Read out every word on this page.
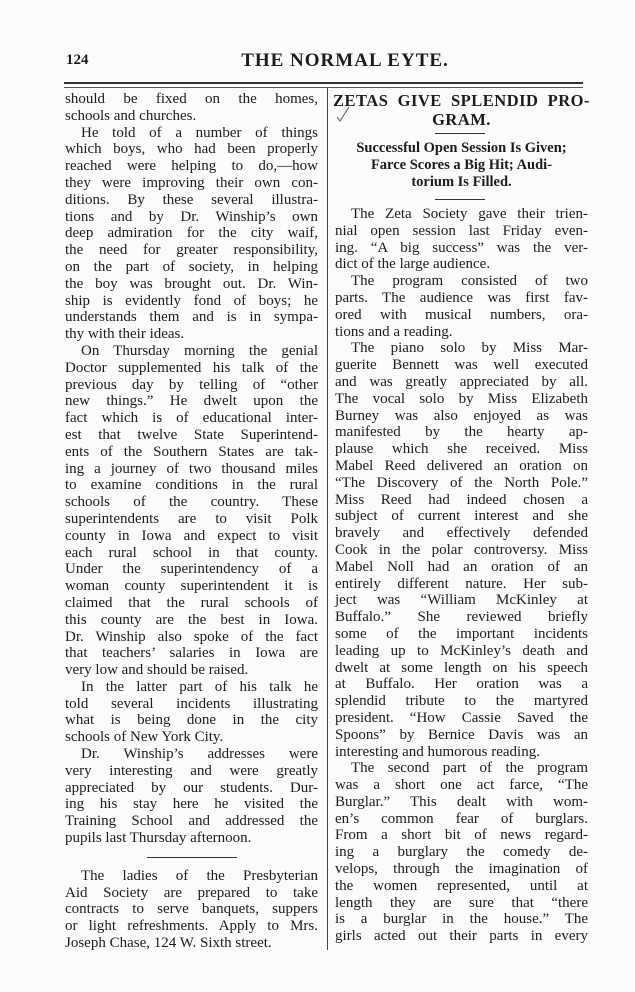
124	THE NORMAL EYTE.
should be fixed on the homes,
schools and churches.
He told of a number of things
which boys, who had been properly
reached were helping to do,—how
they were improving their own con-
ditions. By these several illustra-
tions and by Dr. Winship’s own
deep admiration for the city waif,
the need for greater responsibility,
on the part of society, in helping
the boy was brought out. Dr. Win-
ship is evidently fond of boys; he
understands them and is in sympa-
thy with their ideas.
On Thursday morning the genial
Doctor supplemented his talk of the
previous day by telling of “other
new things.” He dwelt upon the
fact which is of educational inter-
est that twelve State Superintend-
ents of the Southern States are tak-
ing a journey of two thousand miles
to examine conditions in the rural
schools of the country. These
superintendents are to visit Polk
county in Iowa and expect to visit
each rural school in that county.
Under the superintendency of a
woman county superintendent it is
claimed that the rural schools of
this county are the best in Iowa.
Dr. Winship also spoke of the fact
that teachers’ salaries in Iowa are
very low and should be raised.
In the latter part of his talk he
told several incidents illustrating
what is being done in the city
schools of New York City.
Dr. Winship’s addresses were
very interesting and were greatly
appreciated by our students. Dur-
ing his stay here he visited the
Training School and addressed the
pupils last Thursday afternoon.
The ladies of the Presbyterian
Aid Society are prepared to take
contracts to serve banquets, suppers
or light refreshments. Apply to Mrs.
Joseph Chase, 124 W. Sixth street.
ZETAS GIVE SPLENDID PRO-
GRAM.
Successful Open Session Is Given;
Farce Scores a Big Hit; Audi-
torium Is Filled.
The Zeta Society gave their trien-
nial open session last Friday even-
ing. “A big success” was the ver-
dict of the large audience.
The program consisted of two
parts. The audience was first fav-
ored with musical numbers, ora-
tions and a reading.
The piano solo by Miss Mar-
guerite Bennett was well executed
and was greatly appreciated by all.
The vocal solo by Miss Elizabeth
Burney was also enjoyed as was
manifested by the hearty ap-
plause which she received. Miss
Mabel Reed delivered an oration on
“The Discovery of the North Pole.”
Miss Reed had indeed chosen a
subject of current interest and she
bravely and effectively defended
Cook in the polar controversy. Miss
Mabel Noll had an oration of an
entirely different nature. Her sub-
ject was “William McKinley at
Buffalo.” She reviewed briefly
some of the important incidents
leading up to McKinley’s death and
dwelt at some length on his speech
at Buffalo. Her oration was a
splendid tribute to the martyred
president. “How Cassie Saved the
Spoons” by Bernice Davis was an
interesting and humorous reading.
The second part of the program
was a short one act farce, “The
Burglar.” This dealt with wom-
en’s common fear of burglars.
From a short bit of news regard-
ing a burglary the comedy de-
velops, through the imagination of
the women represented, until at
length they are sure that “there
is a burglar in the house.” The
girls acted out their parts in every
